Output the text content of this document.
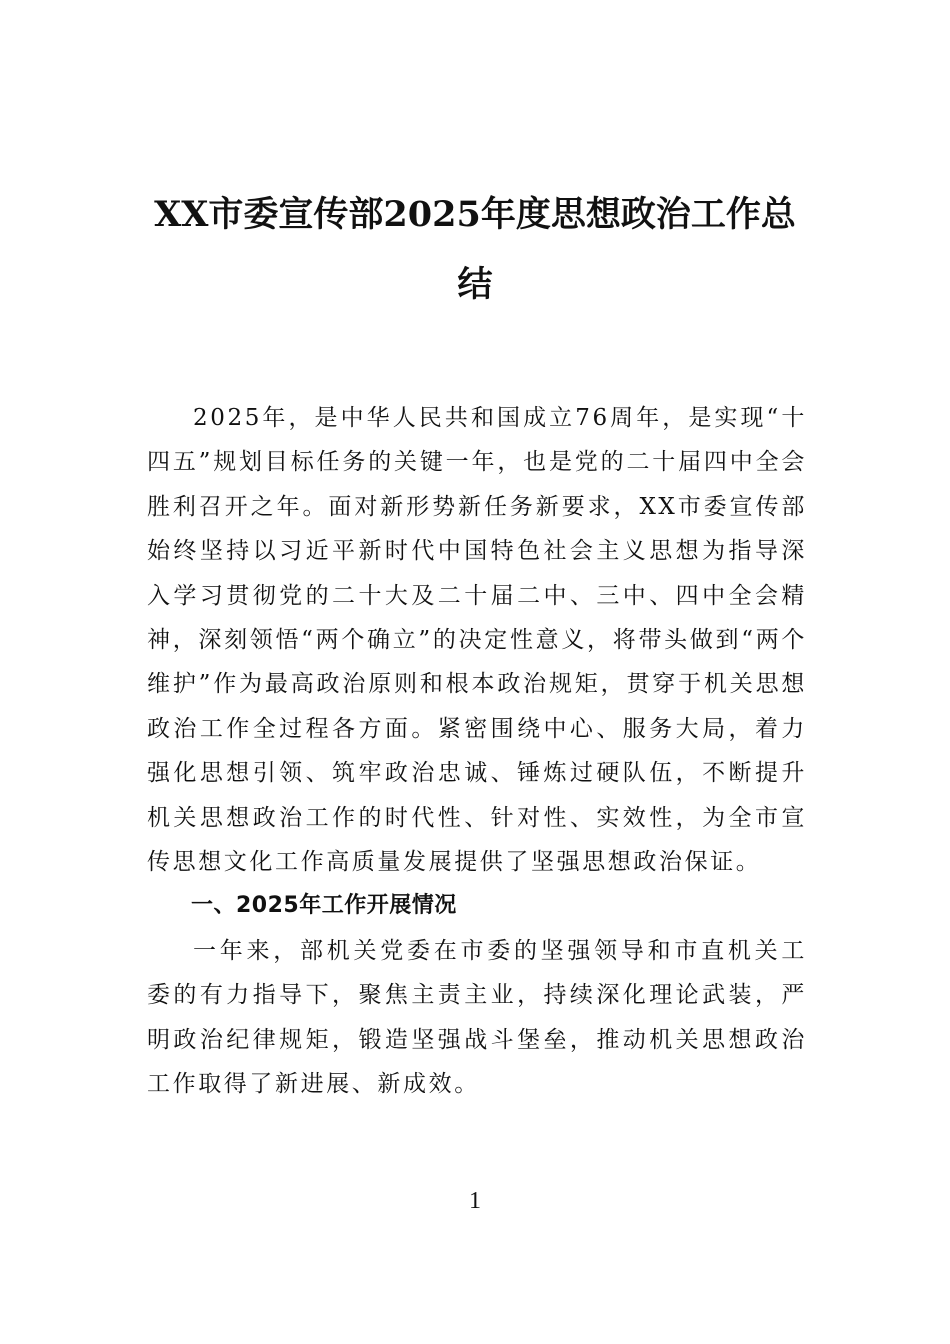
XX市委宣传部2025年度思想政治工作总
结

2025年，是中华人民共和国成立76周年，是实现“十四五”规划目标任务的关键一年，也是党的二十届四中全会胜利召开之年。面对新形势新任务新要求，XX市委宣传部始终坚持以习近平新时代中国特色社会主义思想为指导深入学习贯彻党的二十大及二十届二中、三中、四中全会精神，深刻领悟“两个确立”的决定性意义，将带头做到“两个维护”作为最高政治原则和根本政治规矩，贯穿于机关思想政治工作全过程各方面。紧密围绕中心、服务大局，着力强化思想引领、筑牢政治忠诚、锤炼过硬队伍，不断提升机关思想政治工作的时代性、针对性、实效性，为全市宣传思想文化工作高质量发展提供了坚强思想政治保证。

一、2025年工作开展情况

一年来，部机关党委在市委的坚强领导和市直机关工委的有力指导下，聚焦主责主业，持续深化理论武装，严明政治纪律规矩，锻造坚强战斗堡垒，推动机关思想政治工作取得了新进展、新成效。

1
